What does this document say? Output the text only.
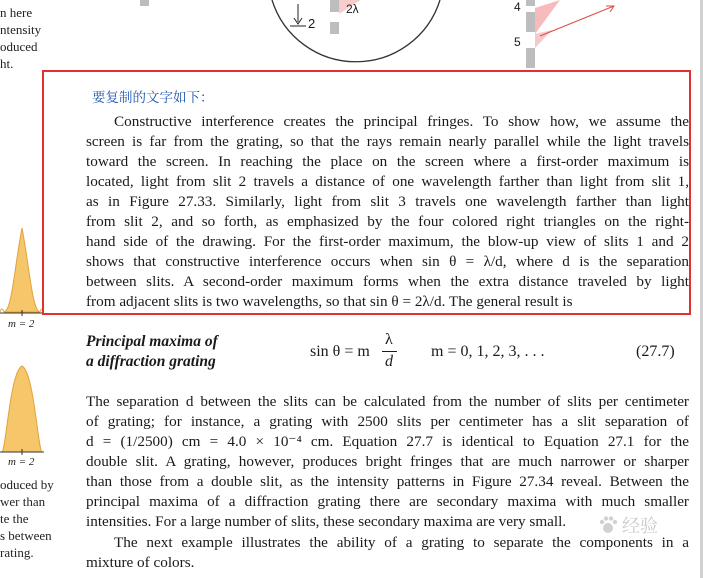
2
2λ	4
5
n here
ntensity
oduced
ht.
m = 2
m = 2
oduced by
wer than
te the
s between
rating.
要复制的文字如下：
Constructive interference creates the principal fringes. To show how, we assume the
screen is far from the grating, so that the rays remain nearly parallel while the light travels
toward the screen. In reaching the place on the screen where a first-order maximum is
located, light from slit 2 travels a distance of one wavelength farther than light from slit 1,
as in Figure 27.33. Similarly, light from slit 3 travels one wavelength farther than light
from slit 2, and so forth, as emphasized by the four colored right triangles on the right-
hand side of the drawing. For the first-order maximum, the blow-up view of slits 1 and 2
shows that constructive interference occurs when sin θ = λ/d, where d is the separation
between slits. A second-order maximum forms when the extra distance traveled by light
from adjacent slits is two wavelengths, so that sin θ = 2λ/d. The general result is
Principal maxima of
a diffraction grating
sin θ = m
λ
d
m = 0, 1, 2, 3, . . .	(27.7)
The separation d between the slits can be calculated from the number of slits per centimeter
of grating; for instance, a grating with 2500 slits per centimeter has a slit separation of
d = (1/2500) cm = 4.0 × 10⁻⁴ cm. Equation 27.7 is identical to Equation 27.1 for the
double slit. A grating, however, produces bright fringes that are much narrower or sharper
than those from a double slit, as the intensity patterns in Figure 27.34 reveal. Between the
principal maxima of a diffraction grating there are secondary maxima with much smaller
intensities. For a large number of slits, these secondary maxima are very small.
The next example illustrates the ability of a grating to separate the components in a
mixture of colors.
经验
